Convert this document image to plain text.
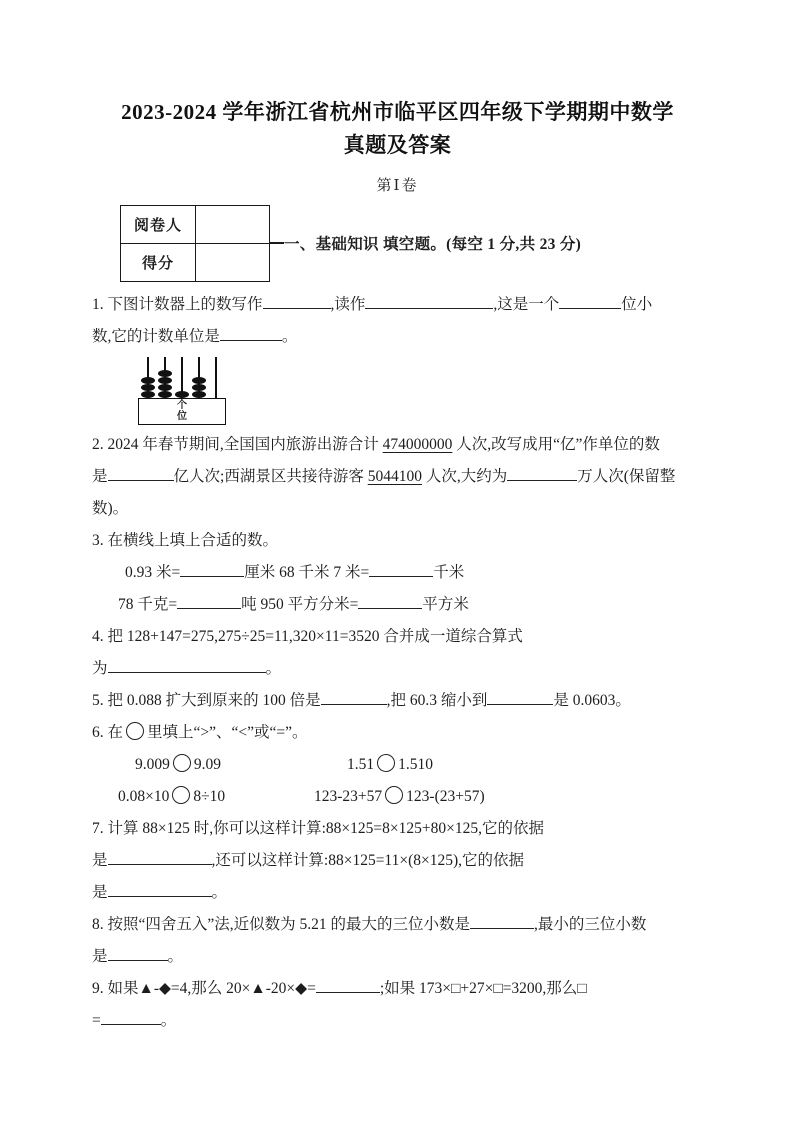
2023-2024 学年浙江省杭州市临平区四年级下学期期中数学
真题及答案
第Ⅰ卷
阅卷人	
得分	
一、基础知识 填空题。(每空 1 分,共 23 分)
1. 下图计数器上的数写作	,读作	,这是一个	位小
数,它的计数单位是	。
个
位
2. 2024 年春节期间,全国国内旅游出游合计 474000000 人次,改写成用“亿”作单位的数
是	亿人次;西湖景区共接待游客 5044100 人次,大约为	万人次(保留整
数)。
3. 在横线上填上合适的数。
0.93 米=	厘米 68 千米 7 米=	千米
78 千克=	吨 950 平方分米=	平方米
4. 把 128+147=275,275÷25=11,320×11=3520 合并成一道综合算式
为	。
5. 把 0.088 扩大到原来的 100 倍是	,把 60.3 缩小到	是 0.0603。
6. 在 里填上“>”、“<”或“=”。
9.009 9.09	1.51 1.510
0.08×10 8÷10	123-23+57 123-(23+57)
7. 计算 88×125 时,你可以这样计算:88×125=8×125+80×125,它的依据
是	,还可以这样计算:88×125=11×(8×125),它的依据
是	。
8. 按照“四舍五入”法,近似数为 5.21 的最大的三位小数是	,最小的三位小数
是	。
9. 如果▲-◆=4,那么 20×▲-20×◆=	;如果 173×□+27×□=3200,那么□
=	。
